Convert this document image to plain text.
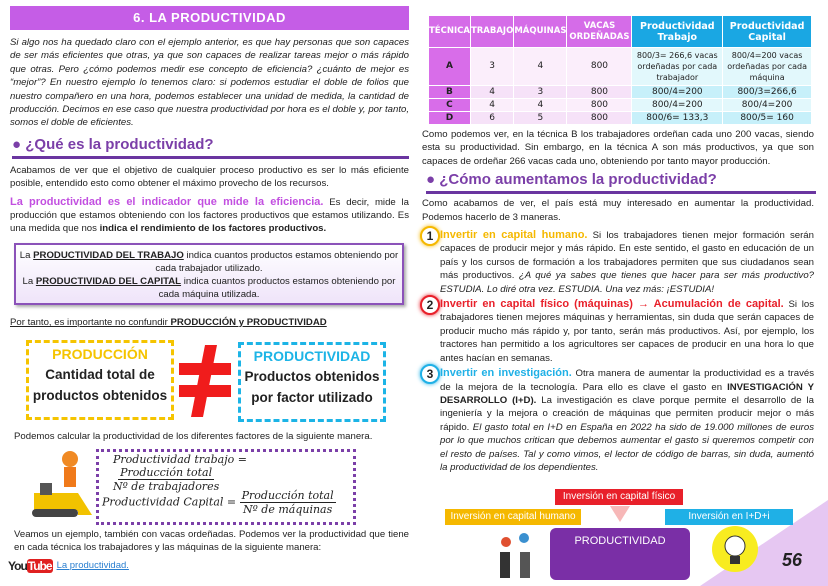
6. LA PRODUCTIVIDAD
Si algo nos ha quedado claro con el ejemplo anterior, es que hay personas que son capaces de ser más eficientes que otras, ya que son capaces de realizar tareas mejor o más rápido que otras. Pero ¿cómo podemos medir ese concepto de eficiencia? ¿cuánto de mejor es “mejor”? En nuestro ejemplo lo tenemos claro: si podemos estudiar el doble de folios que nuestro compañero en una hora, podemos establecer una unidad de medida, la cantidad de producción. Decimos en ese caso que nuestra productividad por hora es el doble y, por tanto, somos el doble de eficientes.
● ¿Qué es la productividad?
Acabamos de ver que el objetivo de cualquier proceso productivo es ser lo más eficiente posible, entendido esto como obtener el máximo provecho de los recursos.
La productividad es el indicador que mide la eficiencia. Es decir, mide la producción que estamos obteniendo con los factores productivos que estamos utilizando. Es una medida que nos indica el rendimiento de los factores productivos.
La PRODUCTIVIDAD DEL TRABAJO indica cuantos productos estamos obteniendo por cada trabajador utilizado.
La PRODUCTIVIDAD DEL CAPITAL indica cuantos productos estamos obteniendo por cada máquina utilizada.
Por tanto, es importante no confundir PRODUCCIÓN y PRODUCTIVIDAD
PRODUCCIÓN
Cantidad total de productos obtenidos
PRODUCTIVIDAD
Productos obtenidos por factor utilizado
Podemos calcular la productividad de los diferentes factores de la siguiente manera.
Productividad trabajo =
$\frac{\text{Producción total}}{\text{Nº de trabajadores}}$
Productividad Capital = $\frac{\text{Producción total}}{\text{Nº de máquinas}}$
Veamos un ejemplo, también con vacas ordeñadas. Podemos ver la productividad que tiene en cada técnica los trabajadores y las máquinas de la siguiente manera:
YouTube La productividad.
TÉCNICA	TRABAJO	MÁQUINAS	VACAS ORDEÑADAS	Productividad Trabajo	Productividad Capital
A	3	4	800	800/3= 266,6 vacas ordeñadas por cada trabajador	800/4=200 vacas ordeñadas por cada máquina
B	4	3	800	800/4=200	800/3=266,6
C	4	4	800	800/4=200	800/4=200
D	6	5	800	800/6= 133,3	800/5= 160
Como podemos ver, en la técnica B los trabajadores ordeñan cada uno 200 vacas, siendo esta su productividad. Sin embargo, en la técnica A son más productivos, ya que son capaces de ordeñar 266 vacas cada uno, obteniendo por tanto mayor producción.
● ¿Cómo aumentamos la productividad?
Como acabamos de ver, el país está muy interesado en aumentar la productividad. Podemos hacerlo de 3 maneras.
1 Invertir en capital humano. Si los trabajadores tienen mejor formación serán capaces de producir mejor y más rápido. En este sentido, el gasto en educación de un país y los cursos de formación a los trabajadores permiten que sus ciudadanos sean más productivos. ¿A qué ya sabes que tienes que hacer para ser más productivo? ESTUDIA. Lo diré otra vez. ESTUDIA. Una vez más: ¡ESTUDIA!
2 Invertir en capital físico (máquinas) → Acumulación de capital. Si los trabajadores tienen mejores máquinas y herramientas, sin duda que serán capaces de producir mucho más rápido y, por tanto, serán más productivos. Así, por ejemplo, los tractores han permitido a los agricultores ser capaces de producir en una hora lo que antes hacían en semanas.
3 Invertir en investigación. Otra manera de aumentar la productividad es a través de la mejora de la tecnología. Para ello es clave el gasto en INVESTIGACIÓN Y DESARROLLO (I+D). La investigación es clave porque permite el desarrollo de la ingeniería y la mejora o creación de máquinas que permiten producir mejor o más rápido. El gasto total en I+D en España en 2022 ha sido de 19.000 millones de euros por lo que muchos critican que debemos aumentar el gasto si queremos competir con el resto de países. Tal y como vimos, el lector de código de barras, sin duda, aumentó la productividad de los dependientes.
56
Inversión en capital físico
Inversión en capital humano	Inversión en I+D+i
PRODUCTIVIDAD
